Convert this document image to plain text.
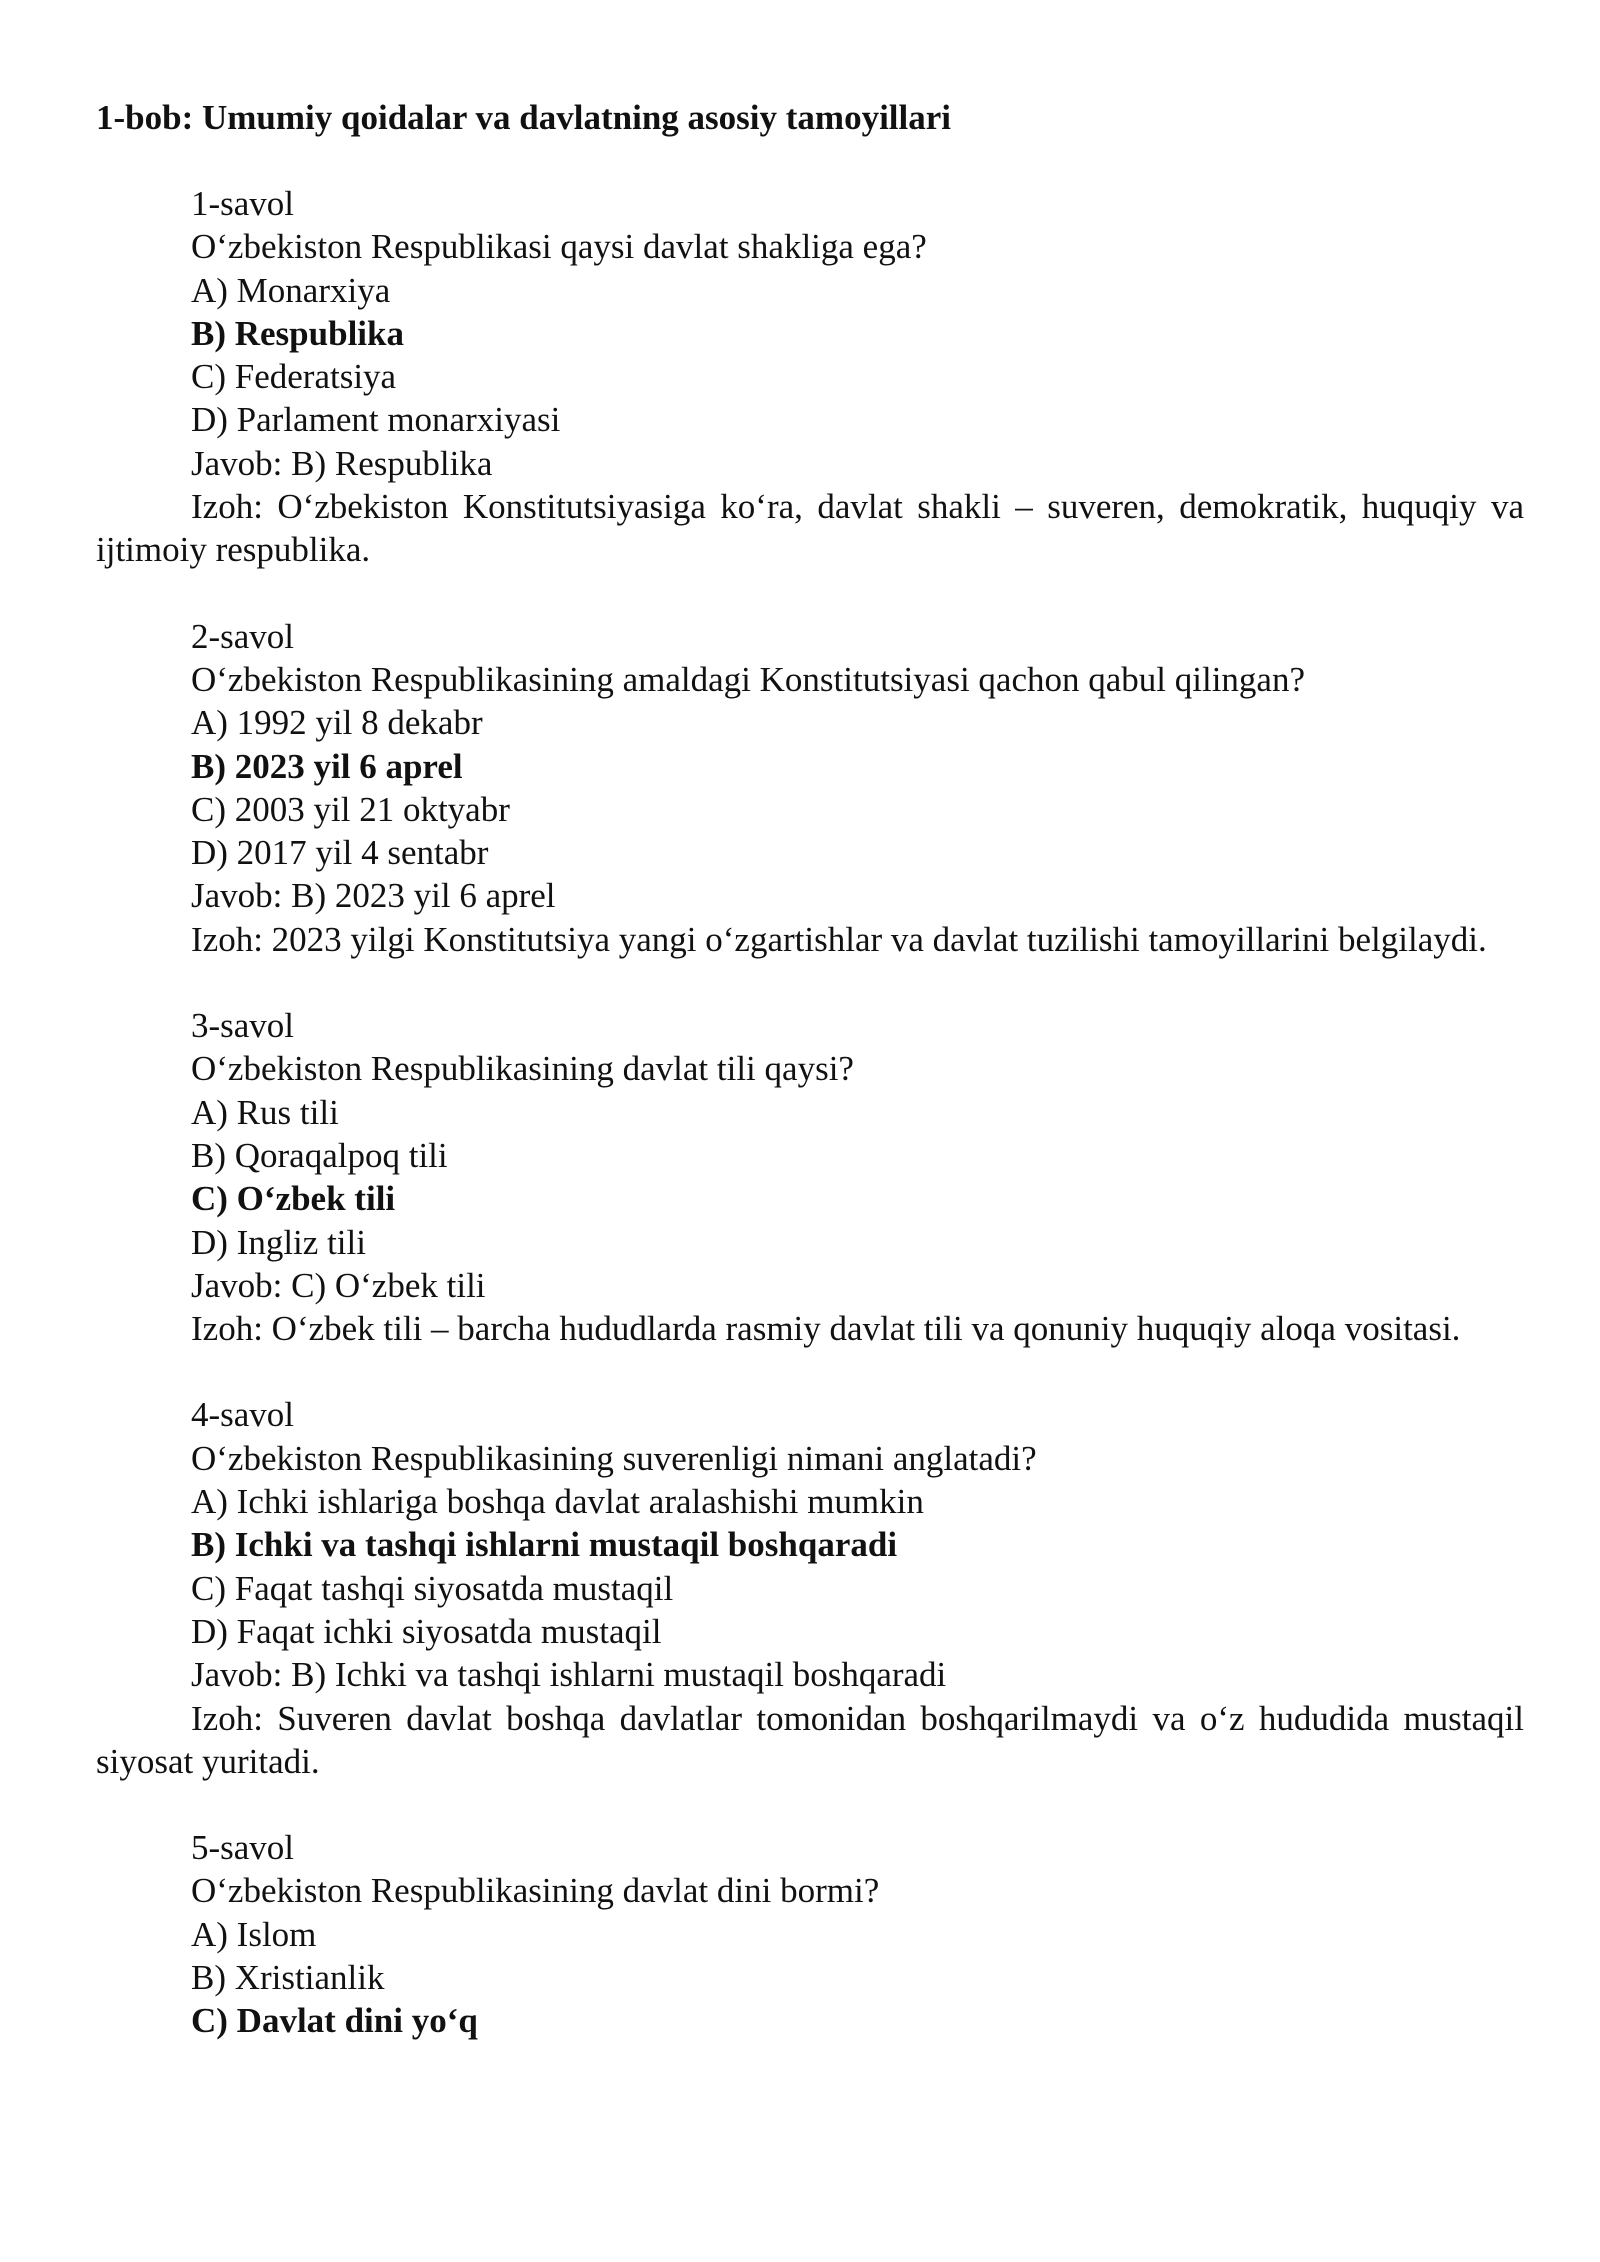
1-bob: Umumiy qoidalar va davlatning asosiy tamoyillari

1-savol

O‘zbekiston Respublikasi qaysi davlat shakliga ega?

A) Monarxiya

B) Respublika

C) Federatsiya

D) Parlament monarxiyasi

Javob: B) Respublika

Izoh: O‘zbekiston Konstitutsiyasiga ko‘ra, davlat shakli – suveren, demokratik, huquqiy va ijtimoiy respublika.

2-savol

O‘zbekiston Respublikasining amaldagi Konstitutsiyasi qachon qabul qilingan?

A) 1992 yil 8 dekabr

B) 2023 yil 6 aprel

C) 2003 yil 21 oktyabr

D) 2017 yil 4 sentabr

Javob: B) 2023 yil 6 aprel

Izoh: 2023 yilgi Konstitutsiya yangi o‘zgartishlar va davlat tuzilishi tamoyillarini belgilaydi.

3-savol

O‘zbekiston Respublikasining davlat tili qaysi?

A) Rus tili

B) Qoraqalpoq tili

C) O‘zbek tili

D) Ingliz tili

Javob: C) O‘zbek tili

Izoh: O‘zbek tili – barcha hududlarda rasmiy davlat tili va qonuniy huquqiy aloqa vositasi.

4-savol

O‘zbekiston Respublikasining suverenligi nimani anglatadi?

A) Ichki ishlariga boshqa davlat aralashishi mumkin

B) Ichki va tashqi ishlarni mustaqil boshqaradi

C) Faqat tashqi siyosatda mustaqil

D) Faqat ichki siyosatda mustaqil

Javob: B) Ichki va tashqi ishlarni mustaqil boshqaradi

Izoh: Suveren davlat boshqa davlatlar tomonidan boshqarilmaydi va o‘z hududida mustaqil siyosat yuritadi.

5-savol

O‘zbekiston Respublikasining davlat dini bormi?

A) Islom

B) Xristianlik

C) Davlat dini yo‘q
